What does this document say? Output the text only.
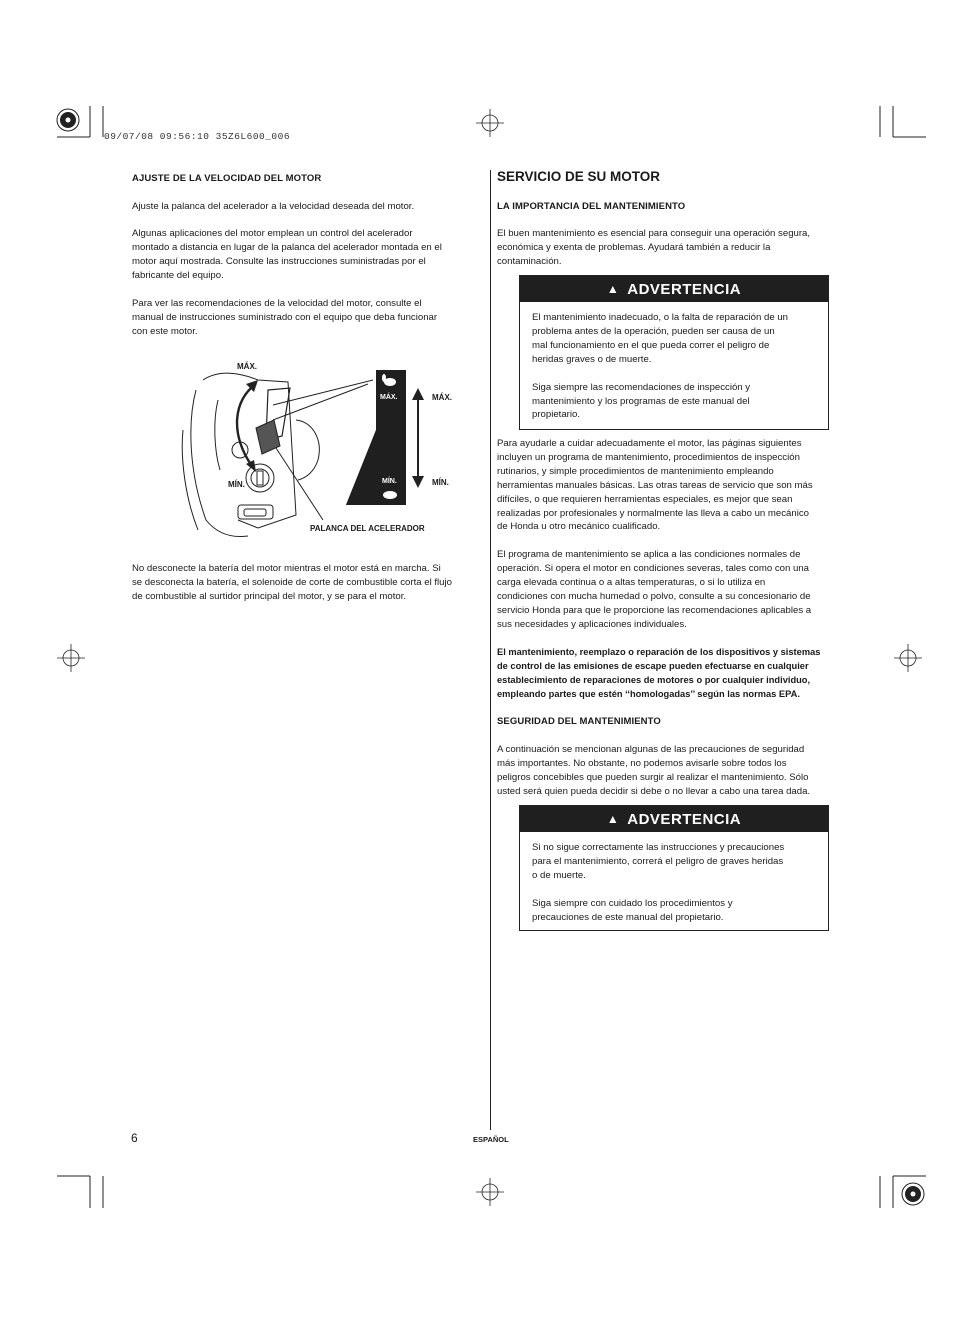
09/07/08 09:56:10 35Z6L600_006
AJUSTE DE LA VELOCIDAD DEL MOTOR

Ajuste la palanca del acelerador a la velocidad deseada del motor.

Algunas aplicaciones del motor emplean un control del acelerador

montado a distancia en lugar de la palanca del acelerador montada en el

motor aquí mostrada. Consulte las instrucciones suministradas por el

fabricante del equipo.

Para ver las recomendaciones de la velocidad del motor, consulte el

manual de instrucciones suministrado con el equipo que deba funcionar

con este motor.

MÁX.
MÍN.
MÁX.
MÍN.
MÁX.
MÍN.
PALANCA DEL ACELERADOR

No desconecte la batería del motor mientras el motor está en marcha. Si

se desconecta la batería, el solenoide de corte de combustible corta el flujo

de combustible al surtidor principal del motor, y se para el motor.

SERVICIO DE SU MOTOR
LA IMPORTANCIA DEL MANTENIMIENTO

El buen mantenimiento es esencial para conseguir una operación segura,

económica y exenta de problemas. Ayudará también a reducir la

contaminación.

▲ ADVERTENCIA

El mantenimiento inadecuado, o la falta de reparación de un
problema antes de la operación, pueden ser causa de un
mal funcionamiento en el que pueda correr el peligro de
heridas graves o de muerte.

Siga siempre las recomendaciones de inspección y
mantenimiento y los programas de este manual del
propietario.

Para ayudarle a cuidar adecuadamente el motor, las páginas siguientes

incluyen un programa de mantenimiento, procedimientos de inspección

rutinarios, y simple procedimientos de mantenimiento empleando

herramientas manuales básicas. Las otras tareas de servicio que son más

difíciles, o que requieren herramientas especiales, es mejor que sean

realizadas por profesionales y normalmente las lleva a cabo un mecánico

de Honda u otro mecánico cualificado.

El programa de mantenimiento se aplica a las condiciones normales de

operación. Si opera el motor en condiciones severas, tales como con una

carga elevada continua o a altas temperaturas, o si lo utiliza en

condiciones con mucha humedad o polvo, consulte a su concesionario de

servicio Honda para que le proporcione las recomendaciones aplicables a

sus necesidades y aplicaciones individuales.

El mantenimiento, reemplazo o reparación de los dispositivos y sistemas

de control de las emisiones de escape pueden efectuarse en cualquier

establecimiento de reparaciones de motores o por cualquier individuo,

empleando partes que estén ‘‘homologadas’’ según las normas EPA.

SEGURIDAD DEL MANTENIMIENTO

A continuación se mencionan algunas de las precauciones de seguridad

más importantes. No obstante, no podemos avisarle sobre todos los

peligros concebibles que pueden surgir al realizar el mantenimiento. Sólo

usted será quien pueda decidir si debe o no llevar a cabo una tarea dada.

▲ ADVERTENCIA

Si no sigue correctamente las instrucciones y precauciones
para el mantenimiento, correrá el peligro de graves heridas
o de muerte.

Siga siempre con cuidado los procedimientos y
precauciones de este manual del propietario.

6	ESPAÑOL
